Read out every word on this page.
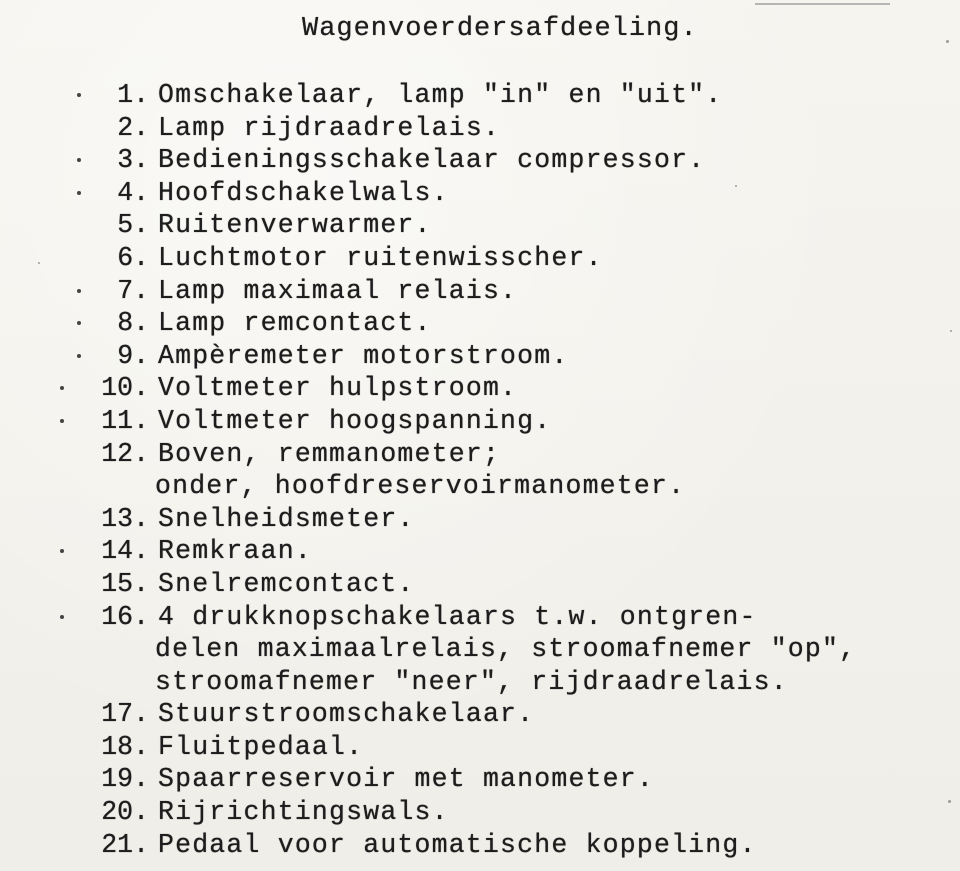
Wagenvoerdersafdeeling.
1. Omschakelaar, lamp "in" en "uit".
2. Lamp rijdraadrelais.
3. Bedieningsschakelaar compressor.
4. Hoofdschakelwals.
5. Ruitenverwarmer.
6. Luchtmotor ruitenwisscher.
7. Lamp maximaal relais.
8. Lamp remcontact.
9. Ampèremeter motorstroom.
10. Voltmeter hulpstroom.
11. Voltmeter hoogspanning.
12. Boven, remmanometer;
onder, hoofdreservoirmanometer.
13. Snelheidsmeter.
14. Remkraan.
15. Snelremcontact.
16. 4 drukknopschakelaars t.w. ontgren-
delen maximaalrelais, stroomafnemer "op",
stroomafnemer "neer", rijdraadrelais.
17. Stuurstroomschakelaar.
18. Fluitpedaal.
19. Spaarreservoir met manometer.
20. Rijrichtingswals.
21. Pedaal voor automatische koppeling.
